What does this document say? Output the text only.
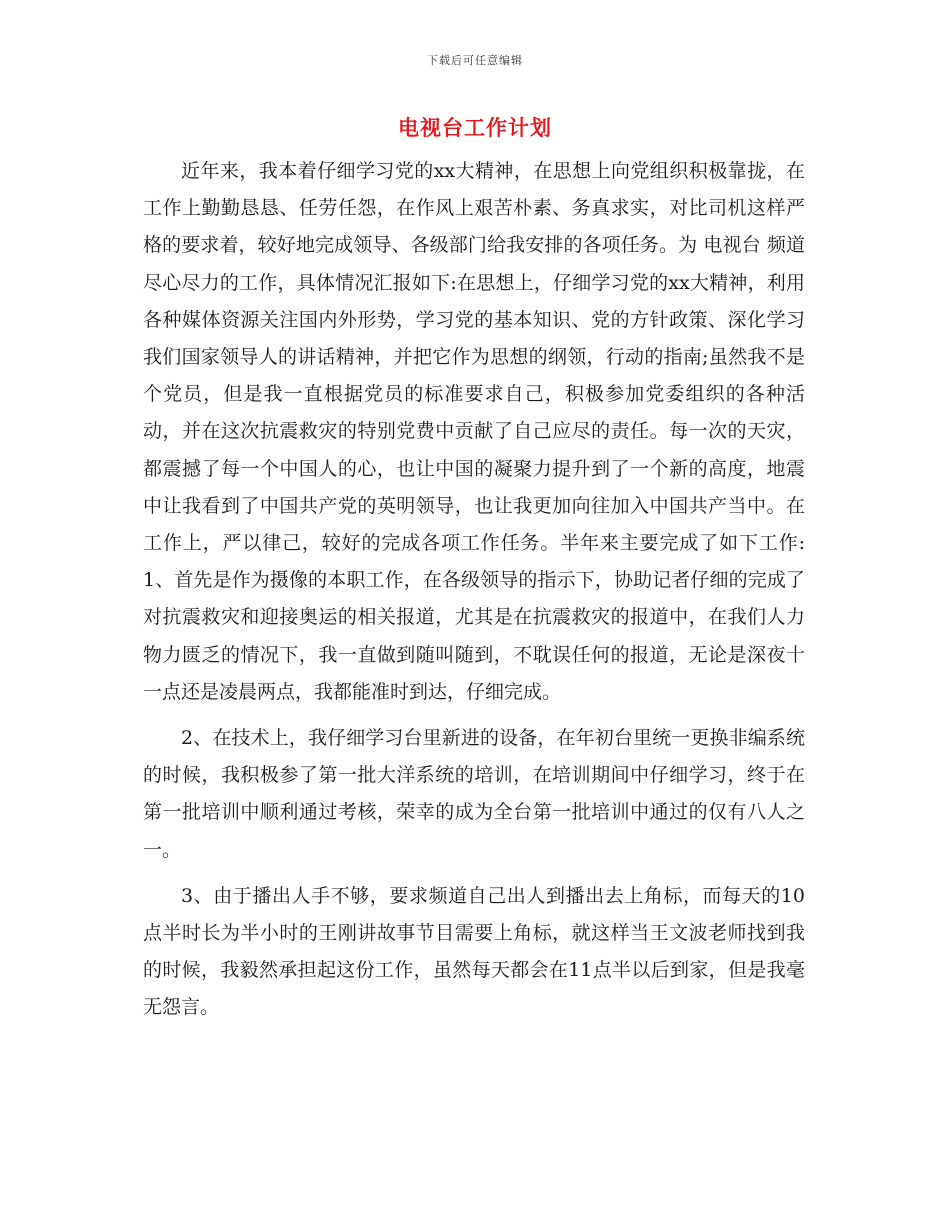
下载后可任意编辑
电视台工作计划

近年来，我本着仔细学习党的xx大精神，在思想上向党组织积极靠拢，在工作上勤勤恳恳、任劳任怨，在作风上艰苦朴素、务真求实，对比司机这样严格的要求着，较好地完成领导、各级部门给我安排的各项任务。为 电视台 频道尽心尽力的工作，具体情况汇报如下:在思想上，仔细学习党的xx大精神，利用各种媒体资源关注国内外形势，学习党的基本知识、党的方针政策、深化学习我们国家领导人的讲话精神，并把它作为思想的纲领，行动的指南;虽然我不是个党员，但是我一直根据党员的标准要求自己，积极参加党委组织的各种活动，并在这次抗震救灾的特别党费中贡献了自己应尽的责任。每一次的天灾，都震撼了每一个中国人的心，也让中国的凝聚力提升到了一个新的高度，地震中让我看到了中国共产党的英明领导，也让我更加向往加入中国共产当中。在工作上，严以律己，较好的完成各项工作任务。半年来主要完成了如下工作:1、首先是作为摄像的本职工作，在各级领导的指示下，协助记者仔细的完成了对抗震救灾和迎接奥运的相关报道，尤其是在抗震救灾的报道中，在我们人力物力匮乏的情况下，我一直做到随叫随到，不耽误任何的报道，无论是深夜十一点还是凌晨两点，我都能准时到达，仔细完成。

2、在技术上，我仔细学习台里新进的设备，在年初台里统一更换非编系统的时候，我积极参了第一批大洋系统的培训，在培训期间中仔细学习，终于在第一批培训中顺利通过考核，荣幸的成为全台第一批培训中通过的仅有八人之一。

3、由于播出人手不够，要求频道自己出人到播出去上角标，而每天的10点半时长为半小时的王刚讲故事节目需要上角标，就这样当王文波老师找到我的时候，我毅然承担起这份工作，虽然每天都会在11点半以后到家，但是我毫无怨言。
